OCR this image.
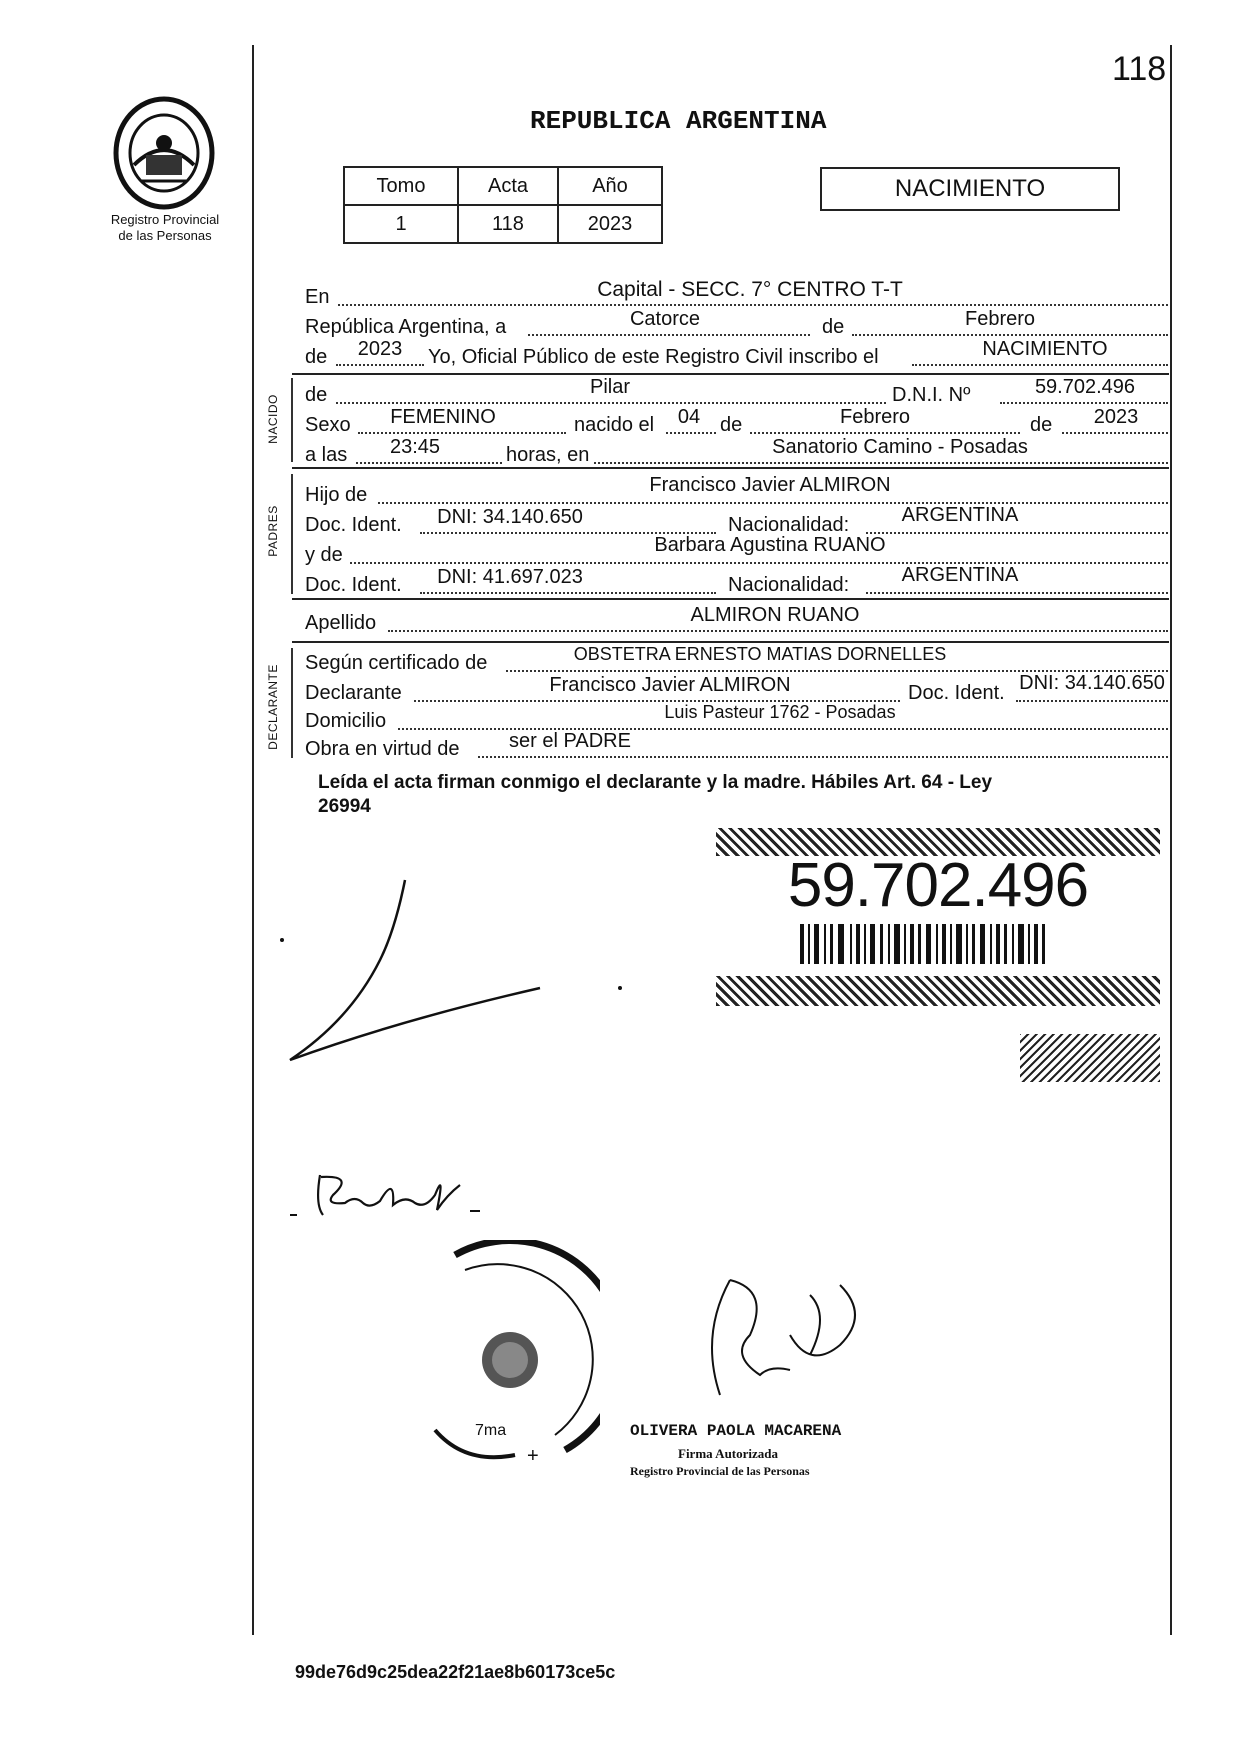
118
Registro Provincial
de las Personas
REPUBLICA ARGENTINA
Tomo	Acta	Año
1	118	2023
NACIMIENTO
En	Capital - SECC. 7° CENTRO T-T
República Argentina, a	Catorce	de	Febrero
de	2023	Yo, Oficial Público de este Registro Civil inscribo el	NACIMIENTO
NACIDO de	Pilar	D.N.I. Nº	59.702.496
Sexo	FEMENINO	nacido el	04 de	Febrero	de	2023
a las	23:45	horas, en	Sanatorio Camino - Posadas
PADRES
Hijo de	Francisco Javier ALMIRON
Doc. Ident.	DNI: 34.140.650	Nacionalidad:	ARGENTINA
y de	Barbara Agustina RUANO
Doc. Ident.	DNI: 41.697.023	Nacionalidad:	ARGENTINA
Apellido	ALMIRON RUANO
DECLARANTE
Según certificado de	OBSTETRA ERNESTO MATIAS DORNELLES
Declarante	Francisco Javier ALMIRON	Doc. Ident. DNI: 34.140.650
Domicilio	Luis Pasteur 1762 - Posadas
Obra en virtud de	ser el PADRE
Leída el acta firman conmigo el declarante y la madre. Hábiles Art. 64 - Ley
26994
59.702.496
7ma
+
OLIVERA PAOLA MACARENA
Firma Autorizada
Registro Provincial de las Personas
99de76d9c25dea22f21ae8b60173ce5c
